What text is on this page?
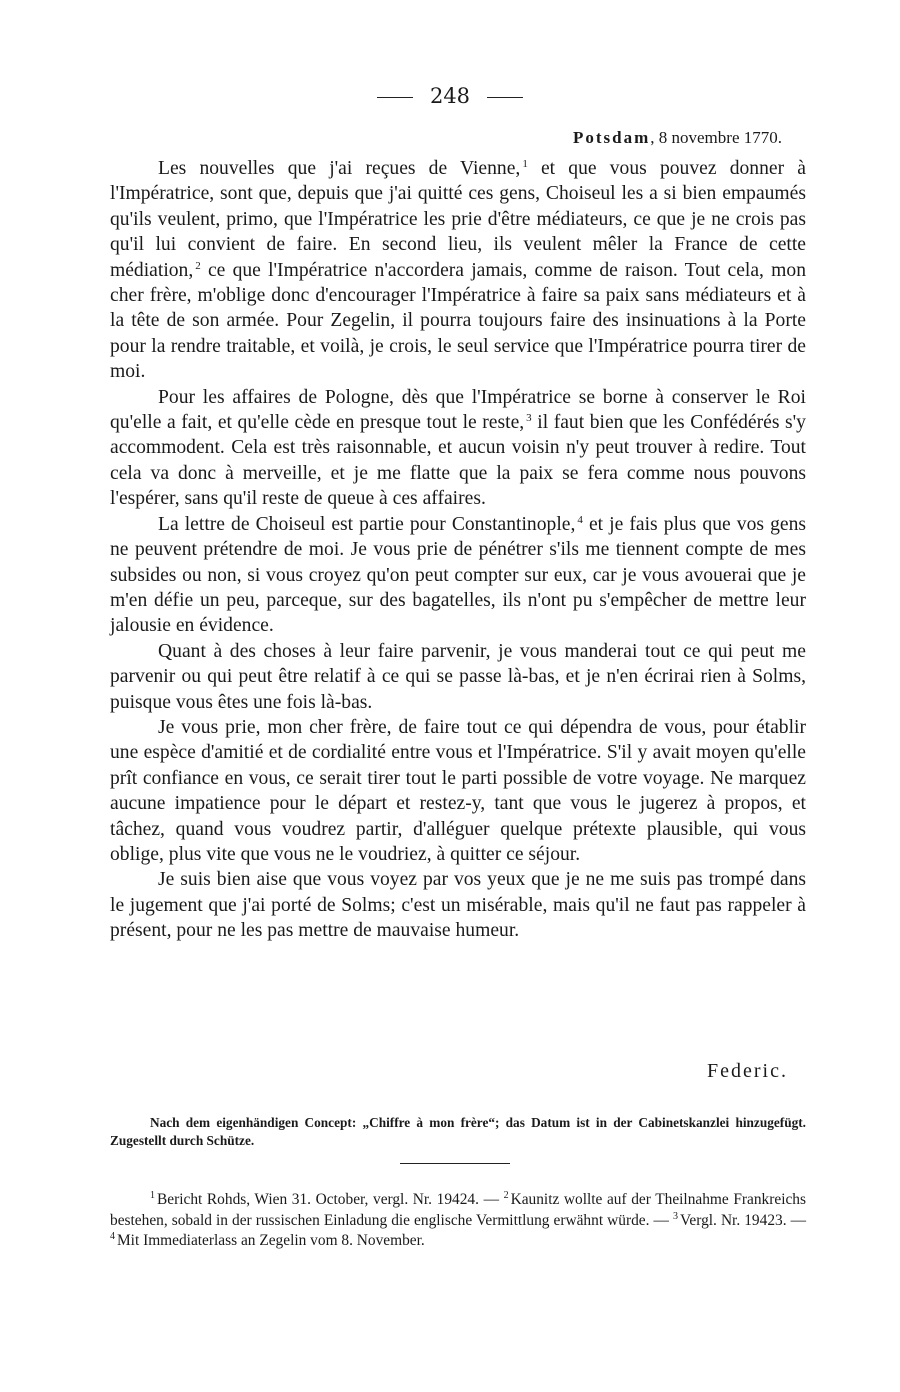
248
Potsdam, 8 novembre 1770.

Les nouvelles que j'ai reçues de Vienne, $^1$ et que vous pouvez donner à l'Impératrice, sont que, depuis que j'ai quitté ces gens, Choiseul les a si bien empaumés qu'ils veulent, primo, que l'Impératrice les prie d'être médiateurs, ce que je ne crois pas qu'il lui convient de faire. En second lieu, ils veulent mêler la France de cette médiation, $^2$ ce que l'Impératrice n'accordera jamais, comme de raison. Tout cela, mon cher frère, m'oblige donc d'encourager l'Impératrice à faire sa paix sans médiateurs et à la tête de son armée. Pour Zegelin, il pourra toujours faire des insinuations à la Porte pour la rendre traitable, et voilà, je crois, le seul service que l'Impératrice pourra tirer de moi.

Pour les affaires de Pologne, dès que l'Impératrice se borne à conserver le Roi qu'elle a fait, et qu'elle cède en presque tout le reste, $^3$ il faut bien que les Confédérés s'y accommodent. Cela est très raisonnable, et aucun voisin n'y peut trouver à redire. Tout cela va donc à merveille, et je me flatte que la paix se fera comme nous pouvons l'espérer, sans qu'il reste de queue à ces affaires.

La lettre de Choiseul est partie pour Constantinople, $^4$ et je fais plus que vos gens ne peuvent prétendre de moi. Je vous prie de pénétrer s'ils me tiennent compte de mes subsides ou non, si vous croyez qu'on peut compter sur eux, car je vous avouerai que je m'en défie un peu, parceque, sur des bagatelles, ils n'ont pu s'empêcher de mettre leur jalousie en évidence.

Quant à des choses à leur faire parvenir, je vous manderai tout ce qui peut me parvenir ou qui peut être relatif à ce qui se passe là-bas, et je n'en écrirai rien à Solms, puisque vous êtes une fois là-bas.

Je vous prie, mon cher frère, de faire tout ce qui dépendra de vous, pour établir une espèce d'amitié et de cordialité entre vous et l'Impératrice. S'il y avait moyen qu'elle prît confiance en vous, ce serait tirer tout le parti possible de votre voyage. Ne marquez aucune impatience pour le départ et restez-y, tant que vous le jugerez à propos, et tâchez, quand vous voudrez partir, d'alléguer quelque prétexte plausible, qui vous oblige, plus vite que vous ne le voudriez, à quitter ce séjour.

Je suis bien aise que vous voyez par vos yeux que je ne me suis pas trompé dans le jugement que j'ai porté de Solms; c'est un misérable, mais qu'il ne faut pas rappeler à présent, pour ne les pas mettre de mauvaise humeur.

Federic.
Nach dem eigenhändigen Concept: „Chiffre à mon frère“; das Datum ist in der Cabinetskanzlei hinzugefügt. Zugestellt durch Schütze.
$^1$ Bericht Rohds, Wien 31. October, vergl. Nr. 19424. — $^2$ Kaunitz wollte auf der Theilnahme Frankreichs bestehen, sobald in der russischen Einladung die englische Vermittlung erwähnt würde. — $^3$ Vergl. Nr. 19423. — $^4$ Mit Immediaterlass an Zegelin vom 8. November.
